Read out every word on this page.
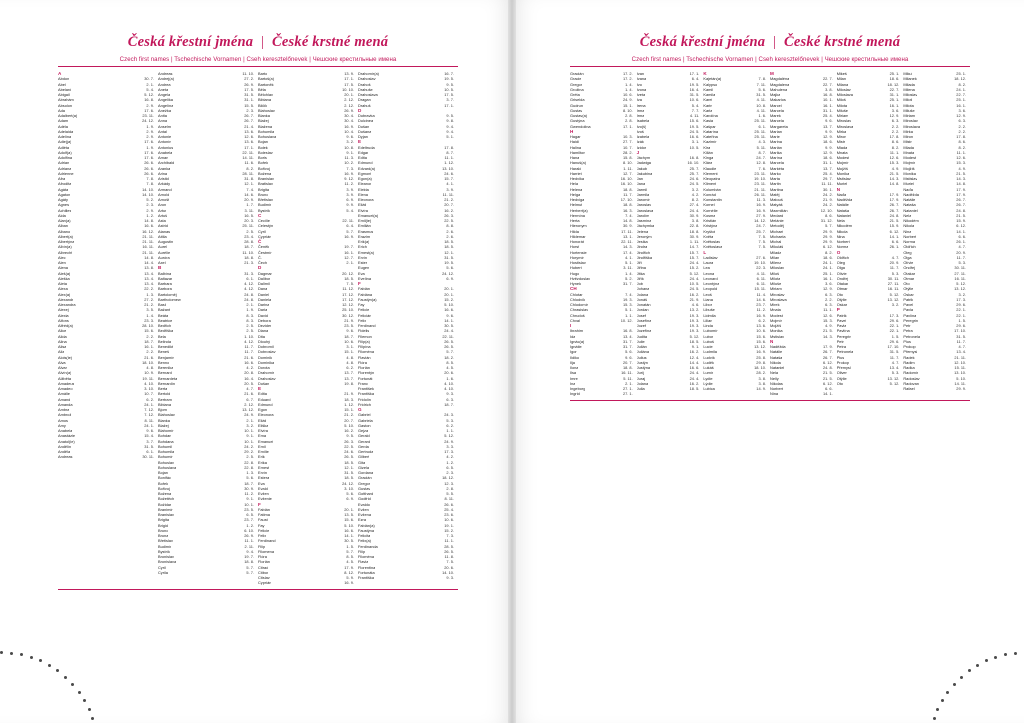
Česká křestní jména | České krstné mená
Czech first names | Tschechische Vornamen | Cseh keresztelőnevek | Чешские крестильные имена
A
Abdon	30. 7.
Abel	2. 1.
Abelard	5. 4.
Abigail	5. 12.
Abrahám	16. 8.
Absolon	2. 9.
Ada	17. 6.
Adalbert(a)	23. 11.
Adam	24. 12.
Adéla	1. 9.
Adelaida	2. 9.
Adelína	2. 9.
Adie(ja)	17. 6.
Adléta	1. 9.
Adolf(a)	17. 6.
Adolfina	17. 6.
Adrian	26. 6.
Adriana	26. 6.
Adrienne	26. 6.
Afra	7. 8.
Afrodita	7. 8.
Agáta	14. 10.
Agaton	14. 10.
Agáty	5. 2.
Agnes	2. 3.
Achilles	2. 9.
Aida	1. 2.
Alan(a)	14. 8.
Alban	16. 6.
Albano	16. 12.
Albert(a)	21. 11.
Albertýna	21. 11.
Albín(a)	16. 11.
Albrecht	21. 11.
Alec	14. 8.
Alen	14. 4.
Alena	13. 8.
Aleš(a)	13. 4.
Aleška	13. 4.
Aleta	13. 4.
Alexa	22. 2.
Alex(a)	1. 3.
Alexandr	27. 2.
Alexandra	21. 2.
Alexej	3. 5.
Alexia	1. 4.
Alfons	23. 3.
Alfréd(a)	28. 10.
Alice	15. 6.
Alida	2. 2.
Alina	18. 7.
Alisa	16. 1.
Aliz	2. 2.
Alois(ie)	21. 6.
Alva	18. 10.
Alvar	4. 8.
Alvín(a)	10. 9.
Alžběta	19. 11.
Amadeus	4. 10.
Amadeo	3. 10.
Amálie	10. 7.
Amand	6. 2.
Amanda	24. 1.
Ambra	7. 12.
Ambrož	7. 12.
Amos	8. 11.
Amy	24. 1.
Anabela	9. 6.
Anastázie	15. 4.
Anatol(ie)	3. 7.
Andělín	31. 5.
Anděla	6. 1.
Andreas	30. 11.
Andreas	11. 10.
Andrej(a)	27. 2.
Andrea	26. 9.
Aneta	17. 5.
Angela	31. 5.
Angelika	31. 1.
Angelína	15. 5.
Anežka	2. 3.
Anita	26. 7.
Anna	26. 7.
Anselm	21. 4.
Antal	13. 6.
Antonie	12. 6.
Antonín	13. 6.
Antonius	17. 1.
Anabela	22. 11.
Arnan	14. 11.
Archibald	11. 6.
Aranka	8. 2.
Arina	28. 11.
Aristid	31. 8.
Arkády	12. 1.
Armand	7. 4.
Arnold	14. 6.
Arnošt	20. 9.
Aron	1. 7.
Artur	3. 11.
Artuš	16. 5.
Asta	20. 3.
Astrid	25. 11.
Atanas	2. 5.
Attila	23. 4.
Augustin	28. 8.
Aurel	18. 7.
Aurélie	11. 10.
Auróra	18. 8.
Axel	21. 3.
B
Balbína	31. 3.
Baltazar	6. 1.
Barbara	4. 12.
Barbora	4. 12.
Bartoloměj	24. 8.
Bartholomew	24. 8.
Basil	2. 1.
Bažant	1. 9.
Beáta	8. 3.
Beatrice	8. 3.
Bedřich	2. 5.
Bedřiška	2. 5.
Bela	1. 10.
Belinda	4. 12.
Benedikt	11. 7.
Beneš	11. 7.
Benjamín	21. 6.
Benno	16. 6.
Berenika	4. 2.
Bernard	20. 8.
Bernardeta	16. 4.
Bernardín	20. 5.
Berta	4. 7.
Bertold	21. 6.
Bertram	6. 7.
Bibiana	2. 12.
Bjorn	13. 12.
Blahoslav	24. 9.
Blanka	2. 1.
Blažej	3. 2.
Blahomír	10. 1.
Bohdan	9. 1.
Bohdana	10. 1.
Bohumil	24. 2.
Bohumila	29. 2.
Bohumír	2. 5.
Bohuslav	22. 8.
Bohuslava	22. 8.
Bojan	1. 3.
Bonifác	5. 6.
Bořek	18. 7.
Bořivoj	30. 9.
Božena	11. 2.
Božetěch	9. 1.
Božidar	10. 1.
Branimír	23. 5.
Branislav	6. 5.
Brigita	23. 7.
Brigid	1. 2.
Bruno	6. 10.
Bruna	26. 9.
Břetislav	11. 1.
Budimír	2. 11.
Bystrík	9. 4.
Bronislav	19. 7.
Bronislava	18. 8.
Cyril	5. 7.
Cyrila	5. 7.
Barto	13. 9.
Bartoš(a)	17. 1.
Bartoněk	17. 5.
Běla	10. 10.
Bělohlav	20. 1.
Bibiana	2. 12.
Bilčík	2. 12.
Blahoslav	26. 9.
Blanka	30. 4.
Blažej	30. 4.
Blažena	16. 9.
Bohumila	10. 4.
Bohuslava	9. 6.
Bojan	3. 2.
Bolek	10. 8.
Boleslav	9. 1.
Boris	11. 3.
Bořek	10. 2.
Bořivoj	7. 3.
Božena	16. 9.
Branislav	9. 12.
Bratislav	11. 2.
Brigita	3. 9.
Bruno	3. 9.
Břetislav	6. 9.
Budimír	9. 9.
Bystrík	5. 4.
C
Cecílie	22. 11.
Celestýn	6. 4.
Cyril	5. 7.
Cyprián	16. 9.
Č
Čeněk	19. 7.
Čestmír	16. 1.
Č.	12. 7.
Čech	2. 1.
D
Dagmar	20. 12.
Dalibor	18. 5.
Dalimil	7. 5.
Dana	11. 12.
Daniel	17. 12.
Daniela	17. 12.
Darina	12. 12.
Daria	25. 10.
David	30. 12.
Debora	21. 9.
Dezider	23. 5.
Diana	9. 6.
Dita	18. 7.
Dlouhý	10. 6.
Dobromil	3. 1.
Dobroslav	15. 1.
Dominik	4. 8.
Dominika	4. 8.
Dorota	6. 2.
Drahomír	13. 7.
Drahoslav	13. 7.
Dušan	19. 8.
E
Edita	21. 9.
Eduard	18. 3.
Edmund	1. 12.
Egon	15. 1.
Eleonora	21. 2.
Eliáš	20. 7.
Eliška	5. 10.
Elvíra	16. 2.
Ema	9. 5.
Emanuel	26. 3.
Emil	22. 5.
Emílie	24. 6.
Erik	26. 5.
Erika	18. 5.
Ernest	12. 1.
Ervín	31. 5.
Estera	18. 5.
Eva	24. 12.
Evald	3. 10.
Evžen	5. 6.
Evženie	6. 9.
F
Fabián	20. 1.
Fatima	13. 5.
Faust	15. 6.
Fay	5. 10.
Felicie	16. 6.
Felix	14. 1.
Ferdinand	30. 5.
Filip	1. 5.
Filomena	5. 7.
Flóra	8. 5.
Florián	4. 5.
Ctirad	17. 9.
Ctibor	8. 12.
Ctislav	5. 9.
Cyprián	16. 9.
Drahomír(a)	16. 7.
Drahoslav	19. 5.
Drahoš	9. 5.
Drahuše	10. 5.
Drahoslava	17. 5.
Dragan	3. 7.
Drahuš	17. 1.
D
Dubravka	9. 5.
Dulcinea	9. 8.
Dušan	9. 4.
Dušana	9. 4.
Dyjan	5. 1.
E
Edeltruda	17. 8.
Edgar	8. 7.
Edita	11. 1.
Edmund	1. 12.
Edvard(a)	13. 10.
Egmont	24. 6.
Egon(a)	15. 7.
Eleanor	4. 1.
Elekta	3. 9.
Elena	11. 11.
Eleonora	21. 2.
Eliáš	20. 7.
Elvíra	16. 2.
Emanuel(a)	26. 3.
Emil(ie)	22. 5.
Emilián	8. 8.
Erasmus	2. 6.
Erazim	2. 6.
Erik(a)	18. 5.
Erich	18. 5.
Ernest(a)	12. 1.
Ervín	31. 5.
Ester	19. 5.
Eugen	5. 6.
Eva	24. 12.
Evelína	6. 9.
F
Fabián	20. 1.
Fabiána	20. 1.
Faustýn(a)	15. 2.
Fay	5. 10.
Felicie	16. 6.
Felicián	9. 6.
Felix	14. 1.
Ferdinand	30. 5.
Fidelis	24. 4.
Filemon	22. 11.
Filip(a)	26. 5.
Filipína	26. 5.
Filoména	5. 7.
Flavián	18. 2.
Flóra	8. 5.
Florián	4. 5.
Florentýn	20. 6.
Fortunát	1. 6.
Franc	4. 10.
František	4. 10.
Františka	9. 3.
Fridolín	6. 3.
Fridrich	18. 7.
G
Gabriel	24. 3.
Gabriela	5. 3.
Gaston	6. 2.
Gejza	1. 1.
Gerald	5. 12.
Gerard	24. 9.
Gerda	3. 3.
Gertruda	17. 3.
Gilbert	4. 2.
Gita	1. 2.
Gizela	6. 5.
Gordana	2. 3.
Gracián	18. 12.
Gregor	12. 3.
Gustav	2. 8.
Gotthard	5. 5.
Godfrid	8. 11.
Evaldo	26. 6.
Evžen	25. 4.
Evžena	23. 6.
Ezra	10. 6.
Fabián(a)	19. 1.
Faustýna	15. 2.
Felicita	7. 3.
Felix(a)	11. 1.
Ferdinanda	28. 5.
Filip	26. 5.
Filoména	11. 8.
Flavia	7. 5.
Florentina	20. 6.
Fortunáta	14. 10.
Františka	9. 3.
Česká křestní jména | České krstné mená
Czech first names | Tschechische Vornamen | Cseh keresztelőnevek | Чешские крестильные имена
Gracián	17. 2.
Gracie	17. 2.
Gregor	1. 4.
Grožina	1. 4.
Gréta	10. 6.
Griselda	24. 9.
Gudrun	15. 1.
Gustav	8. 10.
Gustav(a)	2. 8.
Gustýna	2. 8.
Gwendolina	17. 1.
H
Hagar	10. 3.
Haidi	27. 7.
Halina	10. 7.
Hamilton	28. 2.
Hana	15. 8.
Hanuš(a)	8. 10.
Harald	1. 11.
Harriet	12. 7.
Hedvika	16. 10.
Hela	16. 10.
Helena	18. 8.
Helga	11. 7.
Hedviga	17. 10.
Helmut	18. 8.
Herbert(a)	16. 3.
Hermína	7. 4.
Herta	14. 8.
Hieronym	30. 9.
Hilda	17. 11.
Hildemar	13. 1.
Honorát	22. 11.
Horst	14. 3.
Hortensie	17. 4.
Horymír	4. 1.
Hostislav	5. 1.
Hubert	3. 11.
Hugo	1. 4.
Hvězdoslav	5. 2.
Hynek	31. 7.
CH
Chlotar	7. 4.
Chlodvík	19. 3.
Chlodomír	15. 3.
Chrasislav	5. 1.
Chrudoš	1. 1.
Chval	10. 12.
I
Ibrahim	16. 8.
Ida	13. 4.
Ignác(a)	31. 7.
Ignátie	31. 7.
Igor	5. 6.
Ildiko	9. 6.
Ilja	20. 7.
Ilona	18. 8.
Ilsa	16. 11.
Imre	5. 11.
Ina	2. 1.
Ingeborg	27. 1.
Ingrid	27. 1.
Ivan	17. 1.
Ivana	6. 4.
Ivo	19. 5.
Ivona	16. 4.
Iveta	31. 5.
Iva	10. 6.
Irena	5. 4.
Irma	7. 7.
Irma	4. 11.
Isabela	15. 6.
Ivo(š)	19. 5.
Ivoš	24. 5.
Izabela	16. 6.
Izák	3. 1.
Izidor	10. 5.
J
Jáchym	16. 8.
Jadwiga	16. 10.
Jakub	25. 7.
Jakubina	25. 7.
Jan	24. 6.
Jana	24. 5.
Jarmil	3. 2.
Jarmila	4. 2.
Jaromír	8. 2.
Jaroslav	27. 4.
Jaroslava	24. 4.
Jarolím	30. 9.
Jasmína	3. 8.
Jáchymka	22. 8.
Jelena	18. 8.
Jeroným	30. 9.
Jesika	1. 11.
Jindra	14. 7.
Jindřich	15. 7.
Jindřiška	15. 7.
Jiří	24. 4.
Jiřina	15. 2.
Jitka	5. 12.
Jiřík	24. 4.
Job	10. 5.
Johana	24. 5.
Jolana	16. 2.
Jonáš	21. 9.
Jonatán	4. 6.
Jordan	13. 2.
Josef	19. 3.
Josefína	19. 3.
Jozef	19. 3.
Jozefína	19. 3.
Judita	5. 12.
Julie	18. 5.
Julián	9. 1.
Juliána	16. 2.
Julius	12. 4.
Justýn	14. 4.
Justýna	16. 6.
Jurij	24. 4.
Juraj	24. 4.
Jolana	16. 2.
Julia	18. 5.
K
Kajetán(a)	7. 8.
Kalypso	7. 11.
Kamil	5. 6.
Kamila	31. 5.
Karel	4. 11.
Karin	10. 8.
Karla	4. 11.
Karolína	1. 6.
Kasia	25. 11.
Kašpar	6. 1.
Katarína	25. 11.
Kateřina	25. 11.
Kazimír	4. 3.
Kira	5. 11.
Kilián	8. 7.
Kinga	24. 7.
Klára	12. 8.
Klaudie	7. 6.
Klement	23. 11.
Kleopatra	19. 10.
Kliment	23. 11.
Kolumbán	21. 11.
Konrád	26. 11.
Konstantin	11. 3.
Kornel	16. 9.
Kornélie	16. 9.
Kosma	27. 9.
Kristián	14. 12.
Kristýna	24. 7.
Kryštof	25. 7.
Květa	7. 5.
Květoslav	7. 5.
Květoslava	7. 5.
L
Ladislav	27. 6.
Laura	19. 10.
Lea	22. 3.
Leona	4. 11.
Leonard	6. 11.
Leontýna	6. 11.
Leopold	15. 11.
Leoš	11. 4.
Liana	14. 6.
Libor	23. 7.
Libuše	11. 2.
Lidmila	16. 9.
Lilian	6. 2.
Linda	13. 6.
Lubomír	10. 6.
Lubor	15. 6.
Luboš	15. 6.
Lucie	13. 12.
Ludmila	16. 9.
Ludvík	25. 8.
Luděk	29. 8.
Lukáš	18. 10.
Lumír	28. 2.
Lydie	3. 8.
Lýdie	3. 8.
Lubica	14. 9.
M
Magdaléna	22. 7.
Magdalena	22. 7.
Mahulena	3. 8.
Majka	16. 8.
Makarios	10. 1.
Marcel	16. 1.
Marcela	31. 1.
Marek	25. 4.
Marcela	9. 6.
Margareta	13. 7.
Marian	9. 9.
Marie	12. 9.
Marina	18. 6.
Marián	9. 9.
Marika	12. 9.
Marína	18. 6.
Marcela	31. 1.
Markéta	13. 7.
Marko	25. 4.
Marta	29. 7.
Martin	11. 11.
Martina	30. 1.
Matěj	24. 2.
Matouš	21. 9.
Matyáš	24. 2.
Maxmilián	12. 10.
Medard	8. 6.
Melánie	31. 12.
Metoděj	5. 7.
Michael	29. 9.
Michaela	29. 9.
Michal	29. 9.
Mikuláš	6. 12.
Milada	8. 2.
Milan	18. 6.
Milena	24. 1.
Miloslav	24. 1.
Miloš	25. 1.
Milota	16. 1.
Miluše	3. 6.
Miriam	12. 9.
Miroslav	6. 3.
Miroslava	2. 2.
Mirek	6. 3.
Mnata	11. 1.
Modest	12. 6.
Mojmír	15. 3.
Mojžíš	4. 9.
Monika	21. 5.
Mstislav	14. 3.
N
Naděžda	17. 9.
Natálie	26. 7.
Nataša	26. 7.
Nikola	6. 12.
Nataniel	24. 8.
Nela	21. 5.
Nelly	21. 5.
Nikolas	6. 12.
Norbert	6. 6.
Nina	14. 1.
Mikeš	25. 1.
Milan	18. 6.
Milana	18. 12.
Miloslav	22. 7.
Miloslava	31. 1.
Miloš	25. 1.
Milota	16. 1.
Miluše	3. 6.
Miriam	12. 9.
Miroslav	6. 3.
Miroslava	2. 2.
Mirka	2. 2.
Miron	17. 8.
Mistr	8. 6.
Mlada	8. 2.
Mnata	11. 1.
Modest	12. 6.
Mojmír	15. 3.
Mojžíš	4. 9.
Monika	21. 5.
Mstislav	14. 3.
Muriel	14. 8.
N
Naďa	17. 9.
Naděžda	17. 9.
Natálie	26. 7.
Nataša	26. 7.
Nataniel	24. 8.
Nela	21. 5.
Nikodém	15. 9.
Nikola	6. 12.
Nina	14. 1.
Norbert	6. 6.
Norma	26. 1.
O
Oldřich	4. 7.
Oleg	20. 9.
Olga	11. 7.
Olívie	5. 3.
Ondřej	30. 11.
Otakar	27. 11.
Otmar	16. 11.
Oto	5. 12.
Otýlie	13. 12.
Oskar	3. 2.
P
Patrik	17. 3.
Pavel	29. 6.
Pavla	22. 1.
Pavlína	22. 1.
Peregrin	1. 5.
Petr	29. 6.
Petra	17. 10.
Petronela	31. 5.
Pius	11. 7.
Prokop	4. 7.
Přemysl	13. 4.
Oliver	5. 3.
Otýlie	13. 12.
Oto	5. 12.
Mikul	25. 1.
Milanek	18. 12.
Milada	8. 2.
Milena	24. 1.
Miloslav	22. 7.
Miloš	25. 1.
Milota	16. 1.
Miluše	3. 6.
Miriam	12. 9.
Miroslav	6. 3.
Miroslava	2. 2.
Mirka	2. 2.
Miron	17. 8.
Mistr	8. 6.
Mlada	8. 2.
Mnata	11. 1.
Modest	12. 6.
Mojmír	15. 3.
Mojžíš	4. 9.
Monika	21. 5.
Mstislav	14. 3.
Muriel	14. 8.
Naďa	17. 9.
Naděžda	17. 9.
Natálie	26. 7.
Nataša	26. 7.
Nataniel	24. 8.
Nela	21. 5.
Nikodém	15. 9.
Nikola	6. 12.
Nina	14. 1.
Norbert	6. 6.
Norma	26. 1.
Oldřich	4. 7.
Oleg	20. 9.
Olga	11. 7.
Olívie	5. 3.
Ondřej	30. 11.
Otakar	27. 11.
Otmar	16. 11.
Oto	5. 12.
Otýlie	13. 12.
Oskar	3. 2.
Patrik	17. 3.
Pavel	29. 6.
Pavla	22. 1.
Pavlína	22. 1.
Peregrin	1. 5.
Petr	29. 6.
Petra	17. 10.
Petronela	31. 5.
Pius	11. 7.
Prokop	4. 7.
Přemysl	13. 4.
Radek	21. 11.
Radim	12. 10.
Radka	15. 11.
Radomír	13. 10.
Radoslav	5. 10.
Radovan	14. 11.
Rafael	29. 9.
